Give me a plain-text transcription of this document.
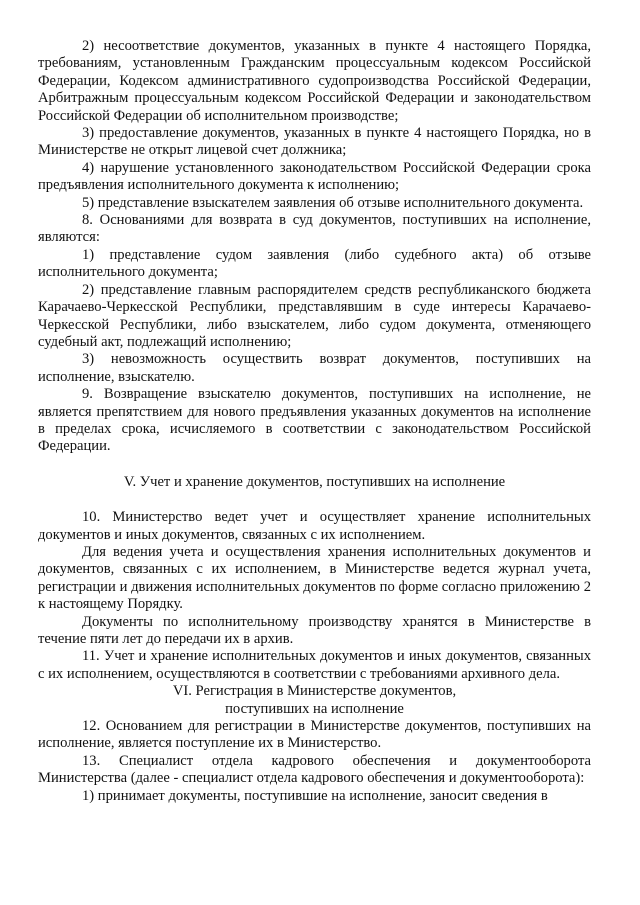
2) несоответствие документов, указанных в пункте 4 настоящего Порядка, требованиям, установленным Гражданским процессуальным кодексом Российской Федерации, Кодексом административного судопроизводства Российской Федерации, Арбитражным процессуальным кодексом Российской Федерации и законодательством Российской Федерации об исполнительном производстве;

3) предоставление документов, указанных в пункте 4 настоящего Порядка, но в Министерстве не открыт лицевой счет должника;

4) нарушение установленного законодательством Российской Федерации срока предъявления исполнительного документа к исполнению;

5) представление взыскателем заявления об отзыве исполнительного документа.

8. Основаниями для возврата в суд документов, поступивших на исполнение, являются:

1) представление судом заявления (либо судебного акта) об отзыве исполнительного документа;

2) представление главным распорядителем средств республиканского бюджета Карачаево-Черкесской Республики, представлявшим в суде интересы Карачаево-Черкесской Республики, либо взыскателем, либо судом документа, отменяющего судебный акт, подлежащий исполнению;

3) невозможность осуществить возврат документов, поступивших на исполнение, взыскателю.

9. Возвращение взыскателю документов, поступивших на исполнение, не является препятствием для нового предъявления указанных документов на исполнение в пределах срока, исчисляемого в соответствии с законодательством Российской Федерации.

V. Учет и хранение документов, поступивших на исполнение

10. Министерство ведет учет и осуществляет хранение исполнительных документов и иных документов, связанных с их исполнением.

Для ведения учета и осуществления хранения исполнительных документов и документов, связанных с их исполнением, в Министерстве ведется журнал учета, регистрации и движения исполнительных документов по форме согласно приложению 2 к настоящему Порядку.

Документы по исполнительному производству хранятся в Министерстве в течение пяти лет до передачи их в архив.

11. Учет и хранение исполнительных документов и иных документов, связанных с их исполнением, осуществляются в соответствии с требованиями архивного дела.

VI. Регистрация в Министерстве документов,

поступивших на исполнение

12. Основанием для регистрации в Министерстве документов, поступивших на исполнение, является поступление их в Министерство.

13. Специалист отдела кадрового обеспечения и документооборота Министерства (далее - специалист отдела кадрового обеспечения и документооборота):

1) принимает документы, поступившие на исполнение, заносит сведения в
